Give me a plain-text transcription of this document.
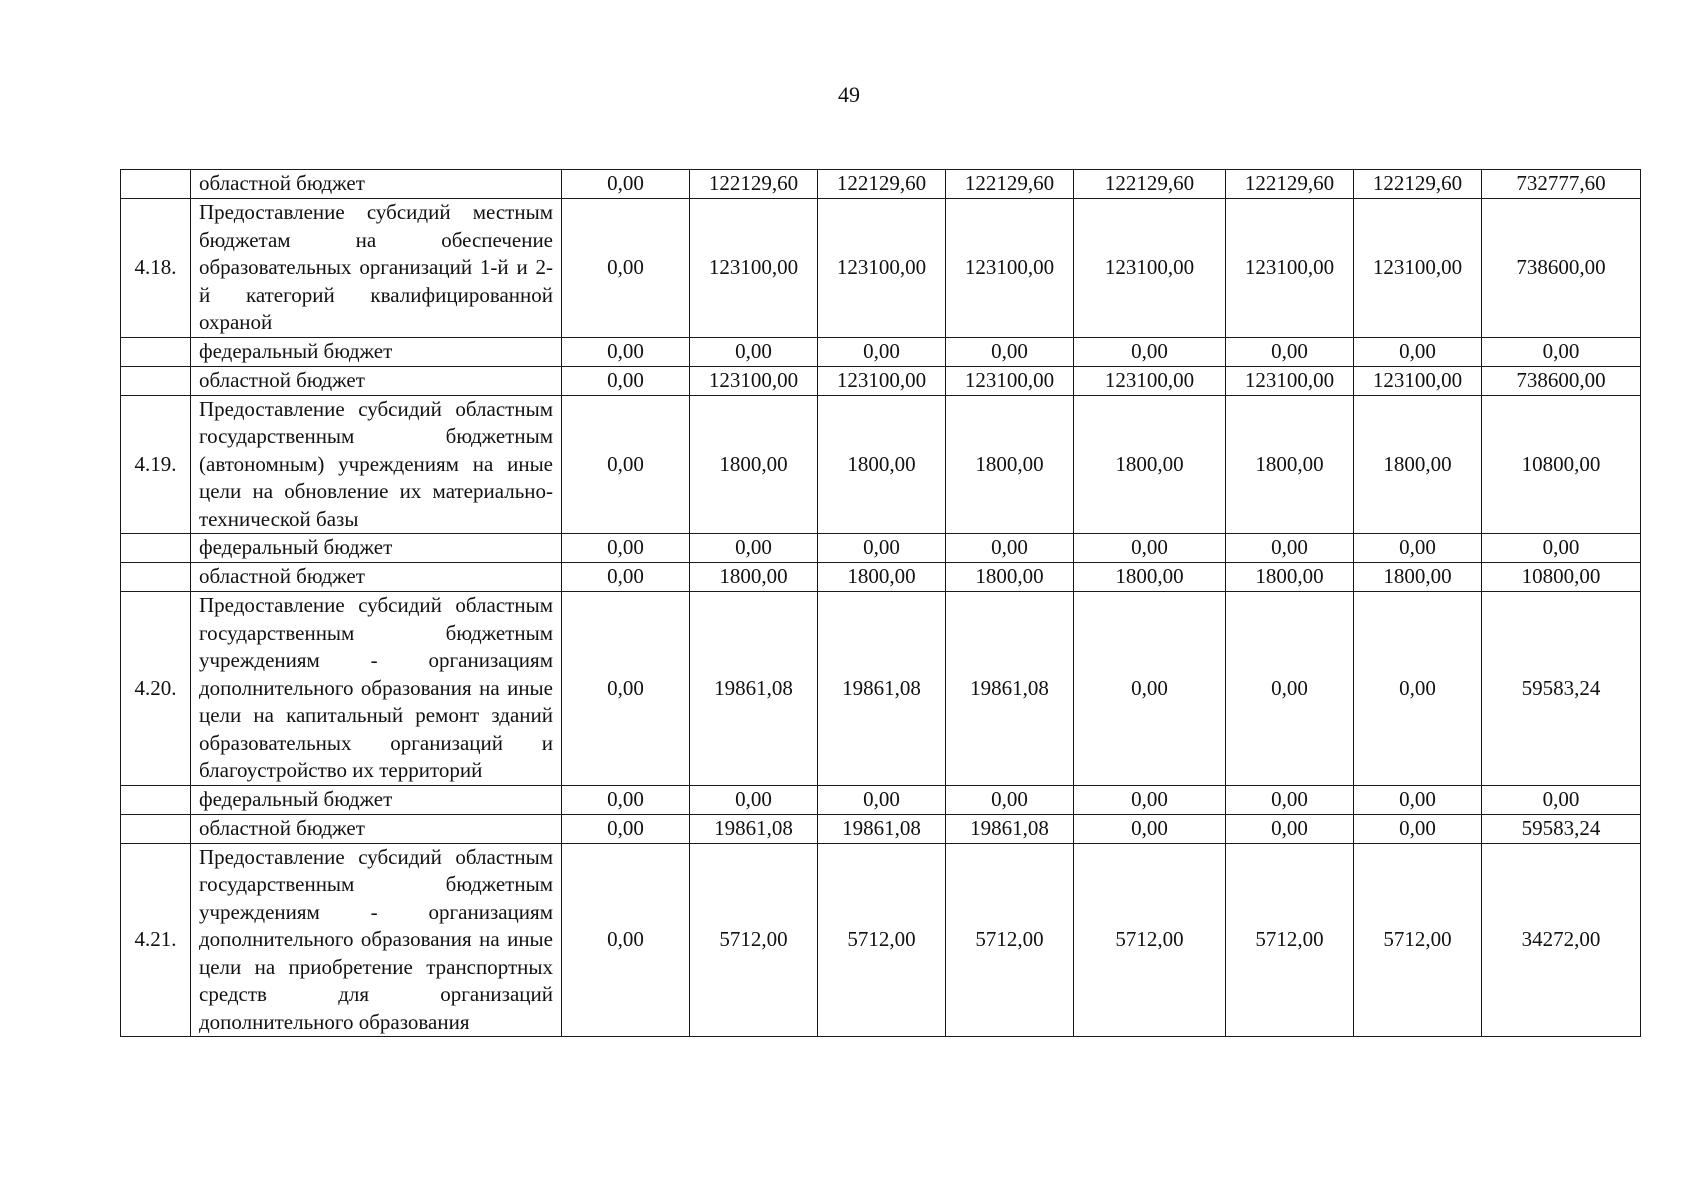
49
	областной бюджет	0,00	122129,60	122129,60	122129,60	122129,60	122129,60	122129,60	732777,60
4.18.	Предоставление субсидий местным бюджетам на обеспечение образовательных организаций 1-й и 2-й категорий квалифицированной охраной	0,00	123100,00	123100,00	123100,00	123100,00	123100,00	123100,00	738600,00
	федеральный бюджет	0,00	0,00	0,00	0,00	0,00	0,00	0,00	0,00
	областной бюджет	0,00	123100,00	123100,00	123100,00	123100,00	123100,00	123100,00	738600,00
4.19.	Предоставление субсидий областным государственным бюджетным (автономным) учреждениям на иные цели на обновление их материально-технической базы	0,00	1800,00	1800,00	1800,00	1800,00	1800,00	1800,00	10800,00
	федеральный бюджет	0,00	0,00	0,00	0,00	0,00	0,00	0,00	0,00
	областной бюджет	0,00	1800,00	1800,00	1800,00	1800,00	1800,00	1800,00	10800,00
4.20.	Предоставление субсидий областным государственным бюджетным учреждениям - организациям дополнительного образования на иные цели на капитальный ремонт зданий образовательных организаций и благоустройство их территорий	0,00	19861,08	19861,08	19861,08	0,00	0,00	0,00	59583,24
	федеральный бюджет	0,00	0,00	0,00	0,00	0,00	0,00	0,00	0,00
	областной бюджет	0,00	19861,08	19861,08	19861,08	0,00	0,00	0,00	59583,24
4.21.	Предоставление субсидий областным государственным бюджетным учреждениям - организациям дополнительного образования на иные цели на приобретение транспортных средств для организаций дополнительного образования	0,00	5712,00	5712,00	5712,00	5712,00	5712,00	5712,00	34272,00
